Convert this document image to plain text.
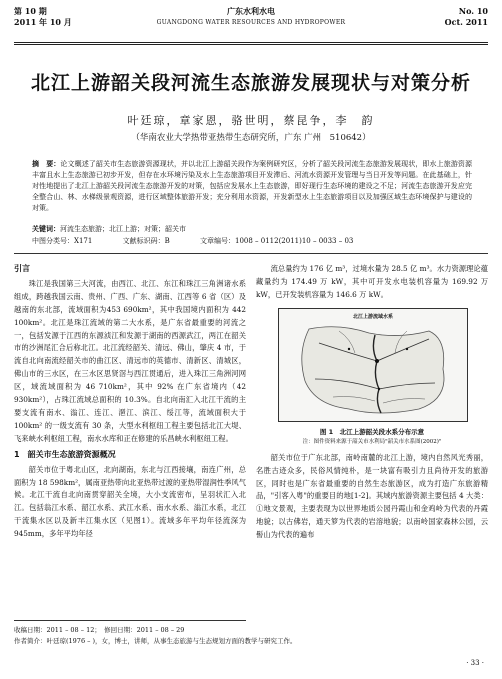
第 10 期
2011 年 10 月
广东水利水电
GUANGDONG WATER RESOURCES AND HYDROPOWER
No. 10
Oct. 2011
北江上游韶关段河流生态旅游发展现状与对策分析
叶廷琼，章家恩，骆世明，蔡昆争，李　韵
（华南农业大学热带亚热带生态研究所，广东 广州　510642）
摘　要：论文概述了韶关市生态旅游资源现状，并以北江上游韶关段作为案例研究区，分析了韶关段河流生态旅游发展现状，即水上旅游资源丰富且水上生态旅游已初步开发，但存在水环境污染及水上生态旅游项目开发滞后、河流水资源开发管理与当日开发等问题。在此基础上，针对性地提出了北江上游韶关段河流生态旅游开发的对策，包括应发展水上生态旅游，即好现行生态环境的建设之不足；河流生态旅游开发应完全整合山、林、水梯级景观资源，进行区域整体旅游开发；充分利用水资源，开发新型水上生态旅游项目以及加强区域生态环境保护与建设的对策。
关键词：河流生态旅游；北江上游；对策；韶关市
中图分类号：X171	文献标识码：B	文章编号：1008 – 0112(2011)10 – 0033 – 03
引言

珠江是我国第三大河流，由西江、北江、东江和珠江三角洲诸水系组成，跨越我国云南、贵州、广西、广东、湖南、江西等 6 省（区）及越南的东北部，流域面积为453 690km²，其中我国境内面积为 442 100km²。北江是珠江流域的第二大水系，是广东省最重要的河流之一，包括发源于江西的东源浈江和发源于湖南的西源武江，两江在韶关市的沙洲尾汇合后称北江。北江流经韶关、清远、佛山，肇庆 4 市，于流自北向南流经韶关市的曲江区、清远市的英德市、清新区、清城区，佛山市的三水区，在三水区思贤滘与西江贯通后，进入珠江三角洲河网区，域流域面积为 46 710km²，其中 92% 在广东省境内（42 930km²），占珠江流域总面积的 10.3%。自北向南汇入北江干流的主要支流有南水、滃江、连江、潖江、滨江、绥江等，流域面积大于 100km² 的一级支流有 30 条，大型水利枢纽工程主要包括北江大堤、飞来峡水利枢纽工程，南水水库和正在修建的乐昌峡水利枢纽工程。

1　韶关市生态旅游资源概况

韶关市位于粤北山区，北向湖南，东北与江西接壤，南连广州，总面积为 18 598km²，属南亚热带向北亚热带过渡的亚热带湿润性季风气候。北江干流自北向南贯穿韶关全境，大小支流密布，呈羽状汇入北江。包括翁江水系、韶江水系、武江水系、南水水系、滃江水系，北江干流集水区以及新丰江集水区（见图1）。流域多年平均年径流深为 945mm，多年平均年径

流总量约为 176 亿 m³，过境水量为 28.5 亿 m³。水力资源理论蕴藏量约为 174.49 万 kW，其中可开发水电装机容量为 169.92 万 kW，已开发装机容量为 146.6 万 kW。

北江上游流域水系
图 1　北江上游韶关段水系分布示意
注：图件资料来源于韶关市水利局"韶关市水系图(2002)"

韶关市位于广东北部，南岭南麓的北江上游，境内自然风光秀丽，名胜古迹众多，民俗风情纯朴，是一块富有吸引力且尚待开发的旅游区，同时也是广东省最重要的自然生态旅游区，成为打造广东旅游精品，"引客入粤"的重要目的地[1-2]。其域内旅游资源主要包括 4 大类：①地文景观，主要表现为以世界地质公园丹霞山和金鸡岭为代表的丹霞地貌；以古佛岩，通天箩为代表的岩溶地貌；以南岭国家森林公园，云髻山为代表的遍布

收稿日期：2011 – 08 – 12；　修回日期：2011 – 08 – 29
作者简介：叶廷琼(1976 – )，女，博士，讲师，从事生态旅游与生态规划方面的教学与研究工作。
· 33 ·
